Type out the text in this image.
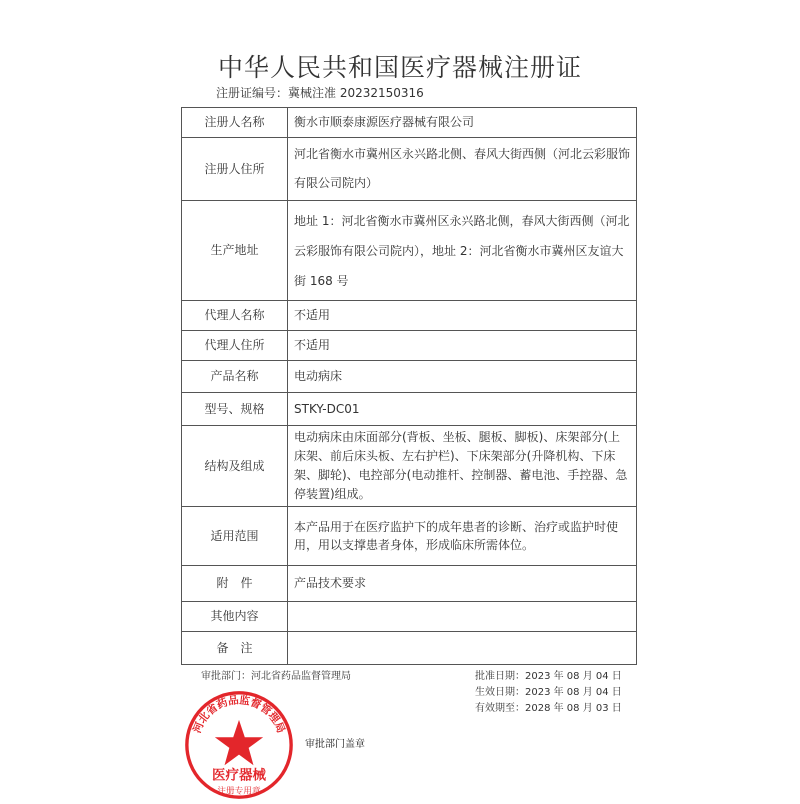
中华人民共和国医疗器械注册证
注册证编号：冀械注准 20232150316
注册人名称	衡水市顺泰康源医疗器械有限公司
注册人住所	河北省衡水市冀州区永兴路北侧、春风大街西侧（河北云彩服饰有限公司院内）
生产地址	地址 1：河北省衡水市冀州区永兴路北侧，春风大街西侧（河北云彩服饰有限公司院内），地址 2：河北省衡水市冀州区友谊大街 168 号
代理人名称	不适用
代理人住所	不适用
产品名称	电动病床
型号、规格	STKY-DC01
结构及组成	电动病床由床面部分(背板、坐板、腿板、脚板)、床架部分(上床架、前后床头板、左右护栏)、下床架部分(升降机构、下床架、脚轮)、电控部分(电动推杆、控制器、蓄电池、手控器、急停装置)组成。
适用范围	本产品用于在医疗监护下的成年患者的诊断、治疗或监护时使用，用以支撑患者身体，形成临床所需体位。
附　件	产品技术要求
其他内容	
备　注	
审批部门：河北省药品监督管理局	批准日期：2023 年 08 月 04 日
生效日期：2023 年 08 月 04 日
有效期至：2028 年 08 月 03 日
河北省药品监督管理局
医疗器械
注册专用章
审批部门盖章
